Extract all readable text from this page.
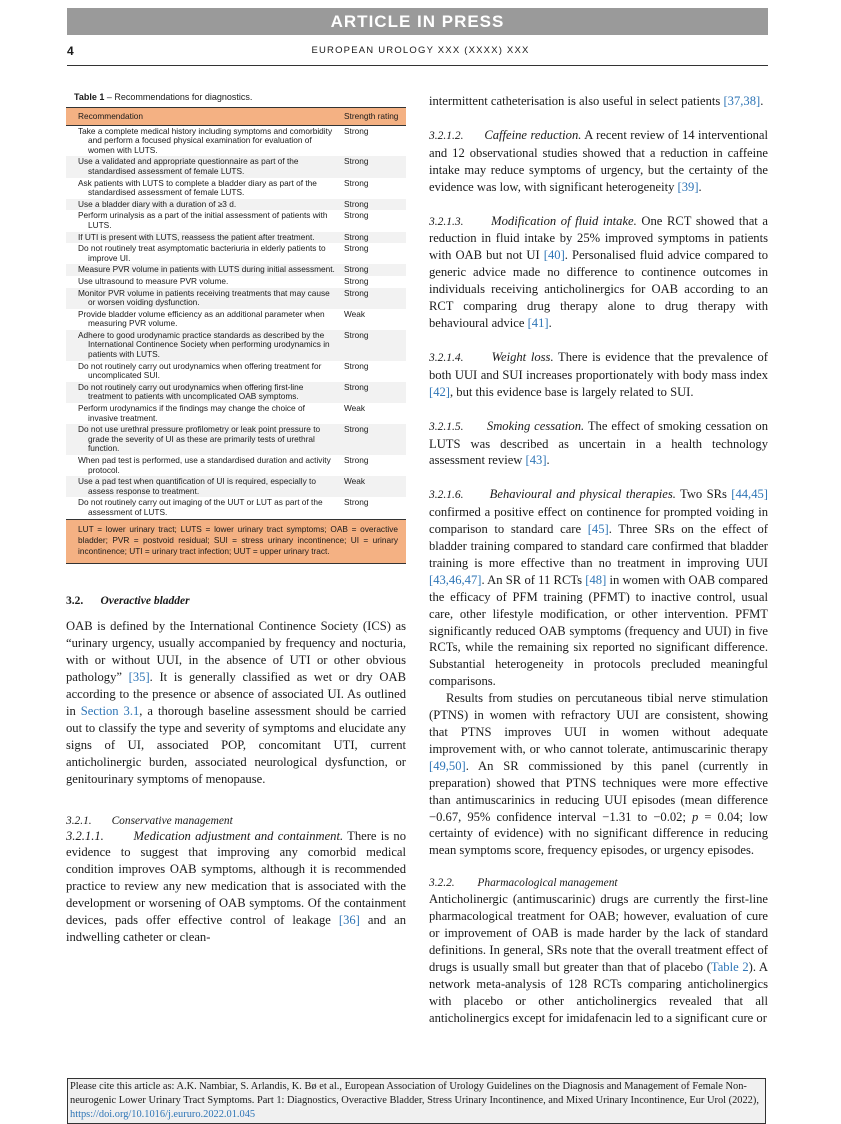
ARTICLE IN PRESS
4	EUROPEAN UROLOGY XXX (XXXX) XXX
Table 1 – Recommendations for diagnostics.
Recommendation	Strength rating
Take a complete medical history including symptoms and comorbidity and perform a focused physical examination for evaluation of women with LUTS.	Strong
Use a validated and appropriate questionnaire as part of the standardised assessment of female LUTS.	Strong
Ask patients with LUTS to complete a bladder diary as part of the standardised assessment of female LUTS.	Strong
Use a bladder diary with a duration of ≥3 d.	Strong
Perform urinalysis as a part of the initial assessment of patients with LUTS.	Strong
If UTI is present with LUTS, reassess the patient after treatment.	Strong
Do not routinely treat asymptomatic bacteriuria in elderly patients to improve UI.	Strong
Measure PVR volume in patients with LUTS during initial assessment.	Strong
Use ultrasound to measure PVR volume.	Strong
Monitor PVR volume in patients receiving treatments that may cause or worsen voiding dysfunction.	Strong
Provide bladder volume efficiency as an additional parameter when measuring PVR volume.	Weak
Adhere to good urodynamic practice standards as described by the International Continence Society when performing urodynamics in patients with LUTS.	Strong
Do not routinely carry out urodynamics when offering treatment for uncomplicated SUI.	Strong
Do not routinely carry out urodynamics when offering first-line treatment to patients with uncomplicated OAB symptoms.	Strong
Perform urodynamics if the findings may change the choice of invasive treatment.	Weak
Do not use urethral pressure profilometry or leak point pressure to grade the severity of UI as these are primarily tests of urethral function.	Strong
When pad test is performed, use a standardised duration and activity protocol.	Strong
Use a pad test when quantification of UI is required, especially to assess response to treatment.	Weak
Do not routinely carry out imaging of the UUT or LUT as part of the assessment of LUTS.	Strong
LUT = lower urinary tract; LUTS = lower urinary tract symptoms; OAB = overactive bladder; PVR = postvoid residual; SUI = stress urinary incontinence; UI = urinary incontinence; UTI = urinary tract infection; UUT = upper urinary tract.

3.2. Overactive bladder

OAB is defined by the International Continence Society (ICS) as “urinary urgency, usually accompanied by frequency and nocturia, with or without UUI, in the absence of UTI or other obvious pathology” [35]. It is generally classified as wet or dry OAB according to the presence or absence of associated UI. As outlined in Section 3.1, a thorough baseline assessment should be carried out to classify the type and severity of symptoms and elucidate any signs of UI, associated POP, concomitant UTI, current anticholinergic burden, associated neurological dysfunction, or genitourinary symptoms of menopause.

3.2.1. Conservative management

3.2.1.1. Medication adjustment and containment. There is no evidence to suggest that improving any comorbid medical condition improves OAB symptoms, although it is recommended practice to review any new medication that is associated with the development or worsening of OAB symptoms. Of the containment devices, pads offer effective control of leakage [36] and an indwelling catheter or clean-

intermittent catheterisation is also useful in select patients [37,38].

3.2.1.2. Caffeine reduction. A recent review of 14 interventional and 12 observational studies showed that a reduction in caffeine intake may reduce symptoms of urgency, but the certainty of the evidence was low, with significant heterogeneity [39].

3.2.1.3. Modification of fluid intake. One RCT showed that a reduction in fluid intake by 25% improved symptoms in patients with OAB but not UI [40]. Personalised fluid advice compared to generic advice made no difference to continence outcomes in individuals receiving anticholinergics for OAB according to an RCT comparing drug therapy alone to drug therapy with behavioural advice [41].

3.2.1.4. Weight loss. There is evidence that the prevalence of both UUI and SUI increases proportionately with body mass index [42], but this evidence base is largely related to SUI.

3.2.1.5. Smoking cessation. The effect of smoking cessation on LUTS was described as uncertain in a health technology assessment review [43].

3.2.1.6. Behavioural and physical therapies. Two SRs [44,45] confirmed a positive effect on continence for prompted voiding in comparison to standard care [45]. Three SRs on the effect of bladder training compared to standard care confirmed that bladder training is more effective than no treatment in improving UUI [43,46,47]. An SR of 11 RCTs [48] in women with OAB compared the efficacy of PFM training (PFMT) to inactive control, usual care, other lifestyle modification, or other intervention. PFMT significantly reduced OAB symptoms (frequency and UUI) in five RCTs, while the remaining six reported no significant difference. Substantial heterogeneity in protocols precluded meaningful comparisons.

Results from studies on percutaneous tibial nerve stimulation (PTNS) in women with refractory UUI are consistent, showing that PTNS improves UUI in women without adequate improvement with, or who cannot tolerate, antimuscarinic therapy [49,50]. An SR commissioned by this panel (currently in preparation) showed that PTNS techniques were more effective than antimuscarinics in reducing UUI episodes (mean difference −0.67, 95% confidence interval −1.31 to −0.02; p = 0.04; low certainty of evidence) with no significant difference in reducing mean symptoms score, frequency episodes, or urgency episodes.

3.2.2. Pharmacological management

Anticholinergic (antimuscarinic) drugs are currently the first-line pharmacological treatment for OAB; however, evaluation of cure or improvement of OAB is made harder by the lack of standard definitions. In general, SRs note that the overall treatment effect of drugs is usually small but greater than that of placebo (Table 2). A network meta-analysis of 128 RCTs comparing anticholinergics with placebo or other anticholinergics revealed that all anticholinergics except for imidafenacin led to a significant cure or

Please cite this article as: A.K. Nambiar, S. Arlandis, K. Bø et al., European Association of Urology Guidelines on the Diagnosis and Management of Female Non-neurogenic Lower Urinary Tract Symptoms. Part 1: Diagnostics, Overactive Bladder, Stress Urinary Incontinence, and Mixed Urinary Incontinence, Eur Urol (2022), https://doi.org/10.1016/j.eururo.2022.01.045
